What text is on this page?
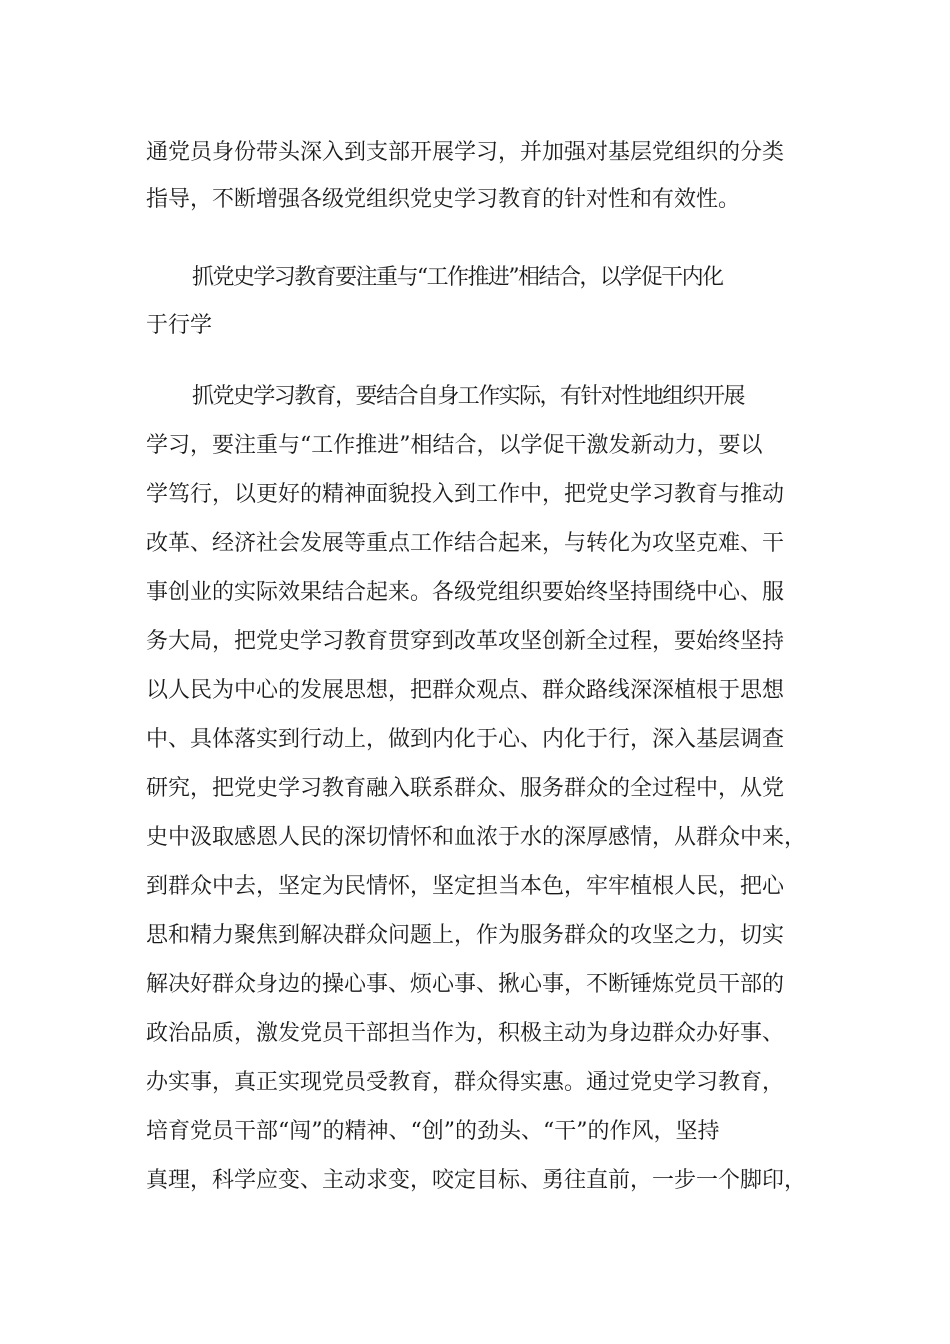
通党员身份带头深入到支部开展学习，并加强对基层党组织的分类
指导，不断增强各级党组织党史学习教育的针对性和有效性。
抓党史学习教育要注重与“工作推进”相结合，以学促干内化
于行学
抓党史学习教育，要结合自身工作实际，有针对性地组织开展
学习，要注重与“工作推进”相结合，以学促干激发新动力，要以
学笃行，以更好的精神面貌投入到工作中，把党史学习教育与推动
改革、经济社会发展等重点工作结合起来，与转化为攻坚克难、干
事创业的实际效果结合起来。各级党组织要始终坚持围绕中心、服
务大局，把党史学习教育贯穿到改革攻坚创新全过程，要始终坚持
以人民为中心的发展思想，把群众观点、群众路线深深植根于思想
中、具体落实到行动上，做到内化于心、内化于行，深入基层调查
研究，把党史学习教育融入联系群众、服务群众的全过程中，从党
史中汲取感恩人民的深切情怀和血浓于水的深厚感情，从群众中来，
到群众中去，坚定为民情怀，坚定担当本色，牢牢植根人民，把心
思和精力聚焦到解决群众问题上，作为服务群众的攻坚之力，切实
解决好群众身边的操心事、烦心事、揪心事，不断锤炼党员干部的
政治品质，激发党员干部担当作为，积极主动为身边群众办好事、
办实事，真正实现党员受教育，群众得实惠。通过党史学习教育，
培育党员干部“闯”的精神、“创”的劲头、“干”的作风，坚持
真理，科学应变、主动求变，咬定目标、勇往直前，一步一个脚印，
